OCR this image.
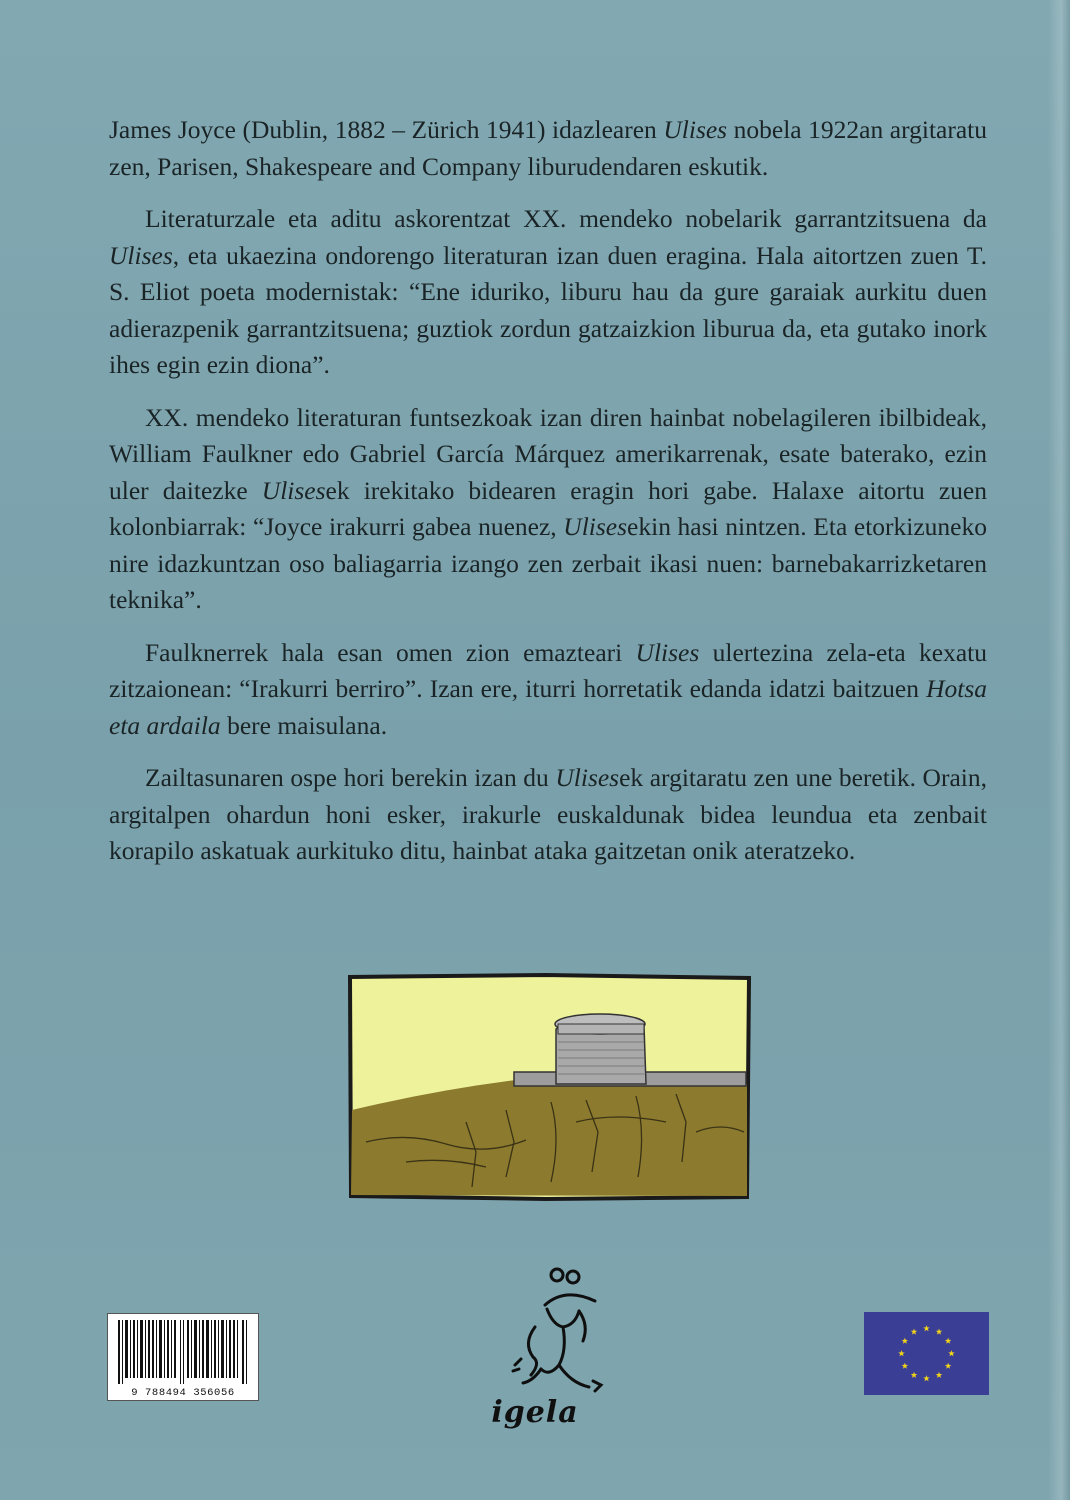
James Joyce (Dublin, 1882 – Zürich 1941) idazlearen Ulises nobela 1922an argitaratu zen, Parisen, Shakespeare and Company liburudendaren eskutik.

Literaturzale eta aditu askorentzat XX. mendeko nobelarik garrantzitsuena da Ulises, eta ukaezina ondorengo literaturan izan duen eragina. Hala aitortzen zuen T. S. Eliot poeta modernistak: “Ene iduriko, liburu hau da gure garaiak aurkitu duen adierazpenik garrantzitsuena; guztiok zordun gatzaizkion liburua da, eta gutako inork ihes egin ezin diona”.

XX. mendeko literaturan funtsezkoak izan diren hainbat nobelagileren ibilbideak, William Faulkner edo Gabriel García Márquez amerikarrenak, esate baterako, ezin uler daitezke Ulisesek irekitako bidearen eragin hori gabe. Halaxe aitortu zuen kolonbiarrak: “Joyce irakurri gabea nuenez, Ulisesekin hasi nintzen. Eta etorkizuneko nire idazkuntzan oso baliagarria izango zen zerbait ikasi nuen: barnebakarrizketaren teknika”.

Faulknerrek hala esan omen zion emazteari Ulises ulertezina zela-eta kexatu zitzaionean: “Irakurri berriro”. Izan ere, iturri horretatik edanda idatzi baitzuen Hotsa eta ardaila bere maisulana.

Zailtasunaren ospe hori berekin izan du Ulisesek argitaratu zen une beretik. Orain, argitalpen ohardun honi esker, irakurle euskaldunak bidea leundua eta zenbait korapilo askatuak aurkituko ditu, hainbat ataka gaitzetan onik ateratzeko.

9 788494 356056
igela
